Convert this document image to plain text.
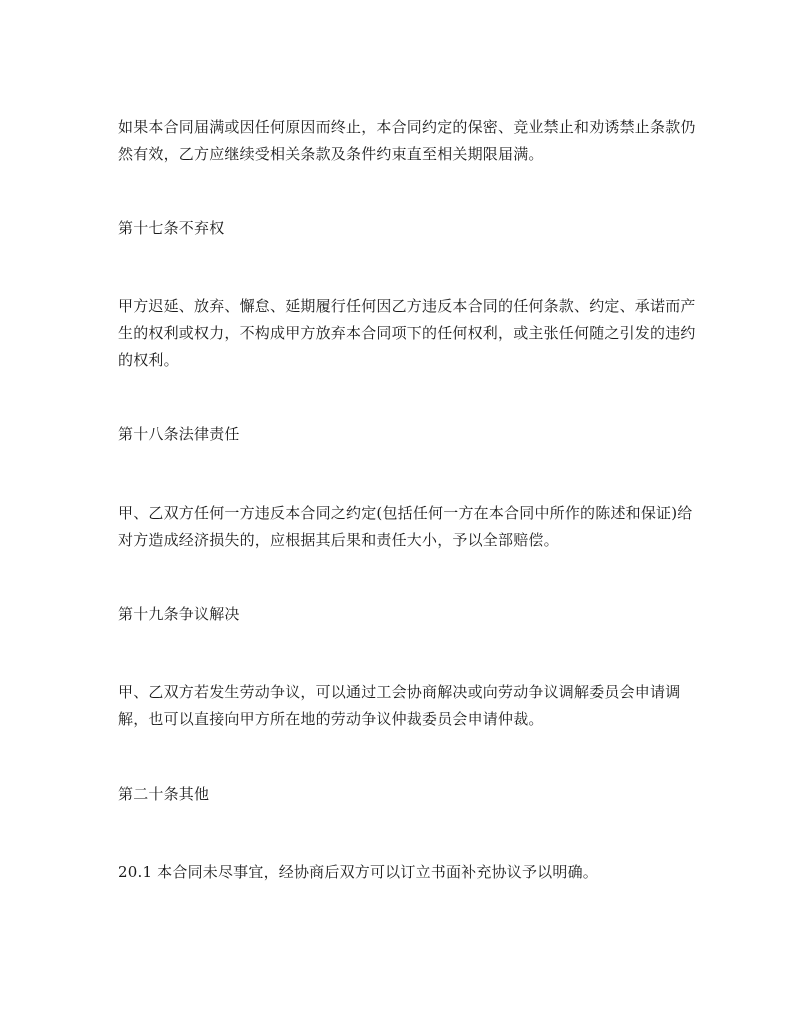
如果本合同届满或因任何原因而终止，本合同约定的保密、竞业禁止和劝诱禁止条款仍然有效，乙方应继续受相关条款及条件约束直至相关期限届满。
第十七条不弃权
甲方迟延、放弃、懈怠、延期履行任何因乙方违反本合同的任何条款、约定、承诺而产生的权利或权力，不构成甲方放弃本合同项下的任何权利，或主张任何随之引发的违约的权利。
第十八条法律责任
甲、乙双方任何一方违反本合同之约定(包括任何一方在本合同中所作的陈述和保证)给对方造成经济损失的，应根据其后果和责任大小，予以全部赔偿。
第十九条争议解决
甲、乙双方若发生劳动争议，可以通过工会协商解决或向劳动争议调解委员会申请调解，也可以直接向甲方所在地的劳动争议仲裁委员会申请仲裁。
第二十条其他
20.1 本合同未尽事宜，经协商后双方可以订立书面补充协议予以明确。
